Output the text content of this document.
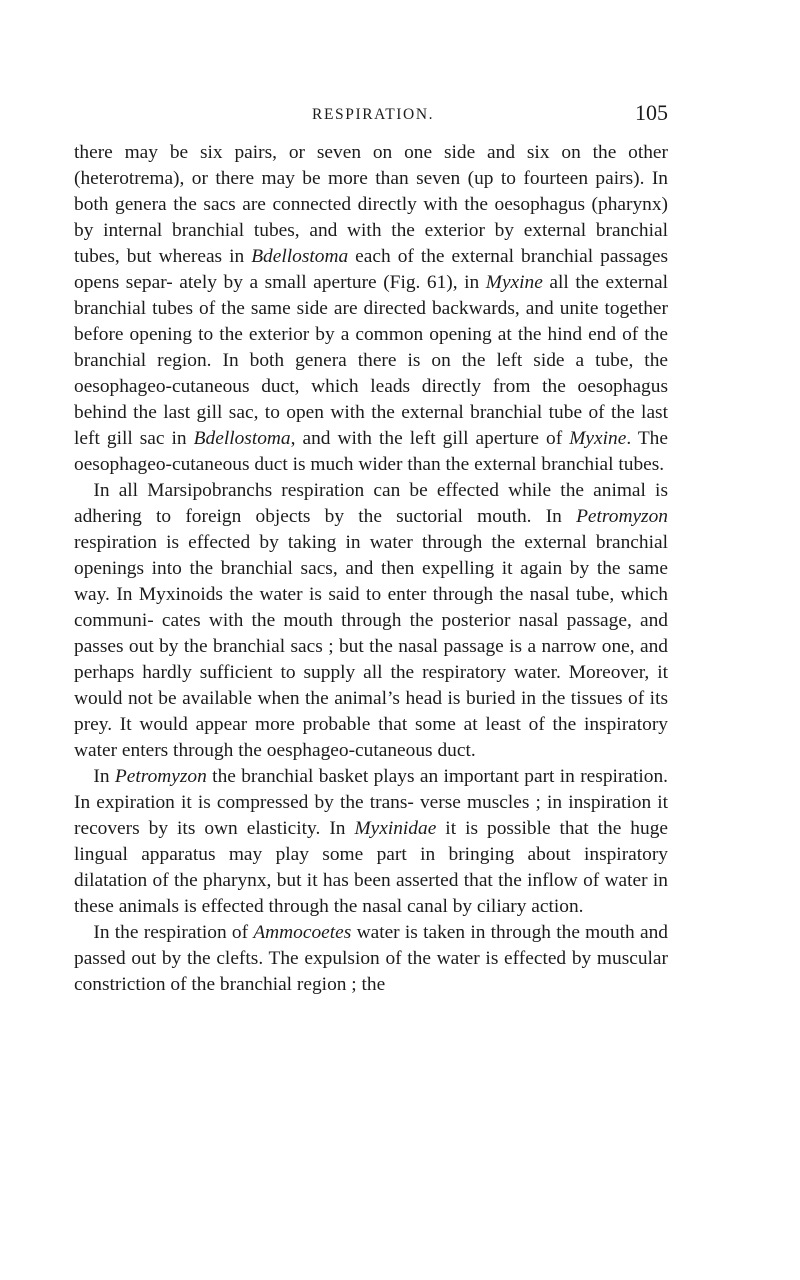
RESPIRATION.	105

there may be six pairs, or seven on one side and six on the other (heterotrema), or there may be more than seven (up to fourteen pairs). In both genera the sacs are connected directly with the oesophagus (pharynx) by internal branchial tubes, and with the exterior by external branchial tubes, but whereas in Bdellostoma each of the external branchial passages opens separ- ately by a small aperture (Fig. 61), in Myxine all the external branchial tubes of the same side are directed backwards, and unite together before opening to the exterior by a common opening at the hind end of the branchial region. In both genera there is on the left side a tube, the oesophageo-cutaneous duct, which leads directly from the oesophagus behind the last gill sac, to open with the external branchial tube of the last left gill sac in Bdellostoma, and with the left gill aperture of Myxine. The oesophageo-cutaneous duct is much wider than the external branchial tubes.

In all Marsipobranchs respiration can be effected while the animal is adhering to foreign objects by the suctorial mouth. In Petromyzon respiration is effected by taking in water through the external branchial openings into the branchial sacs, and then expelling it again by the same way. In Myxinoids the water is said to enter through the nasal tube, which communi- cates with the mouth through the posterior nasal passage, and passes out by the branchial sacs ; but the nasal passage is a narrow one, and perhaps hardly sufficient to supply all the respiratory water. Moreover, it would not be available when the animal’s head is buried in the tissues of its prey. It would appear more probable that some at least of the inspiratory water enters through the oesphageo-cutaneous duct.

In Petromyzon the branchial basket plays an important part in respiration. In expiration it is compressed by the trans- verse muscles ; in inspiration it recovers by its own elasticity. In Myxinidae it is possible that the huge lingual apparatus may play some part in bringing about inspiratory dilatation of the pharynx, but it has been asserted that the inflow of water in these animals is effected through the nasal canal by ciliary action.

In the respiration of Ammocoetes water is taken in through the mouth and passed out by the clefts. The expulsion of the water is effected by muscular constriction of the branchial region ; the
